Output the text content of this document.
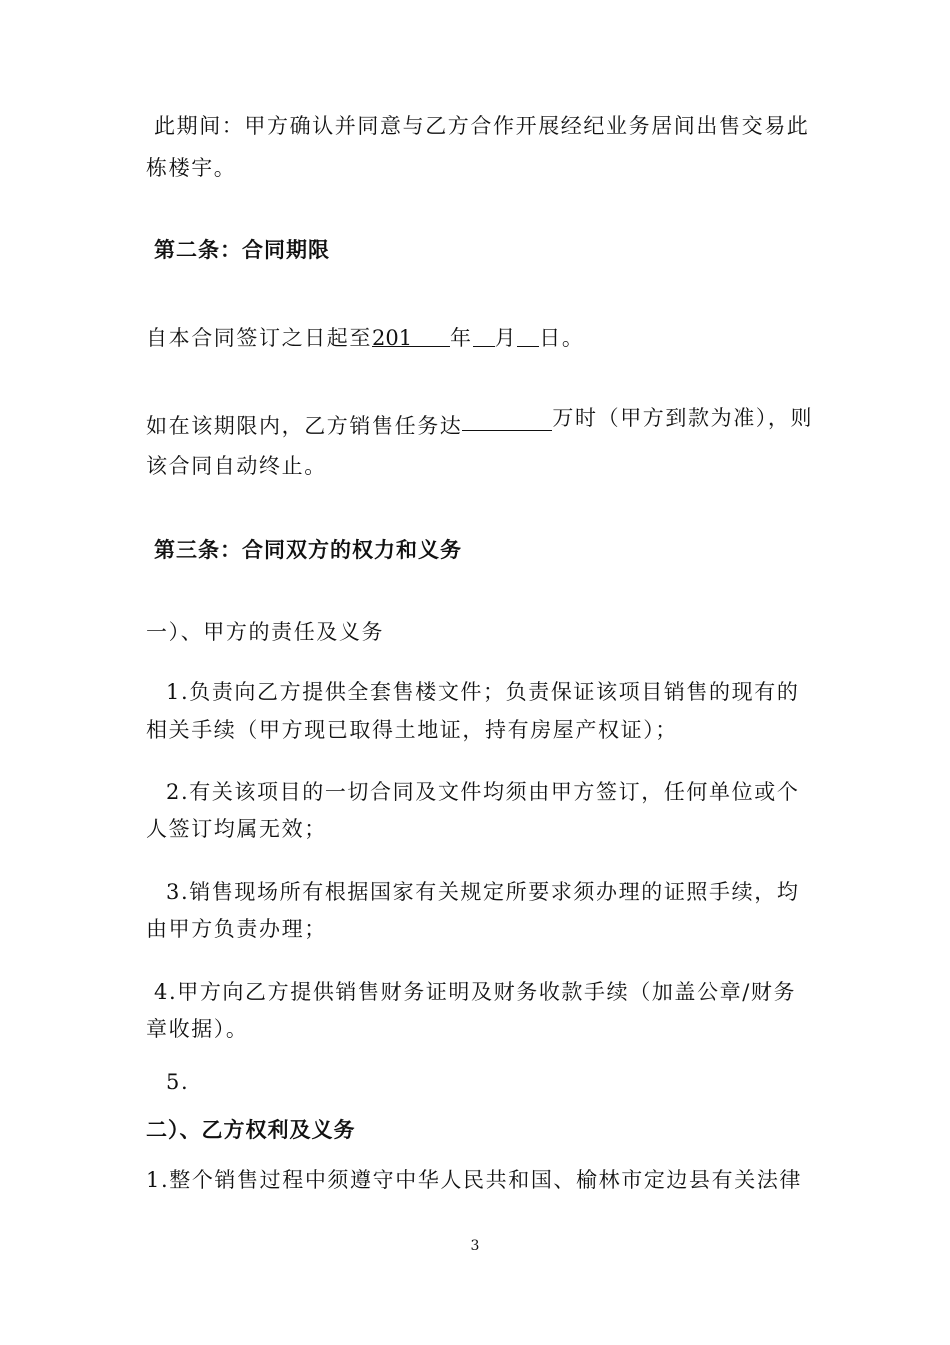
此期间：甲方确认并同意与乙方合作开展经纪业务居间出售交易此
栋楼宇。
第二条：合同期限
自本合同签订之日起至201 年 月 日。
如在该期限内，乙方销售任务达	万时（甲方到款为准），则
该合同自动终止。
第三条：合同双方的权力和义务
一）、甲方的责任及义务
1.负责向乙方提供全套售楼文件；负责保证该项目销售的现有的
相关手续（甲方现已取得土地证，持有房屋产权证）；
2.有关该项目的一切合同及文件均须由甲方签订，任何单位或个
人签订均属无效；
3.销售现场所有根据国家有关规定所要求须办理的证照手续，均
由甲方负责办理；
4.甲方向乙方提供销售财务证明及财务收款手续（加盖公章/财务
章收据）。
5.
二）、乙方权利及义务
1.整个销售过程中须遵守中华人民共和国、榆林市定边县有关法律
3
